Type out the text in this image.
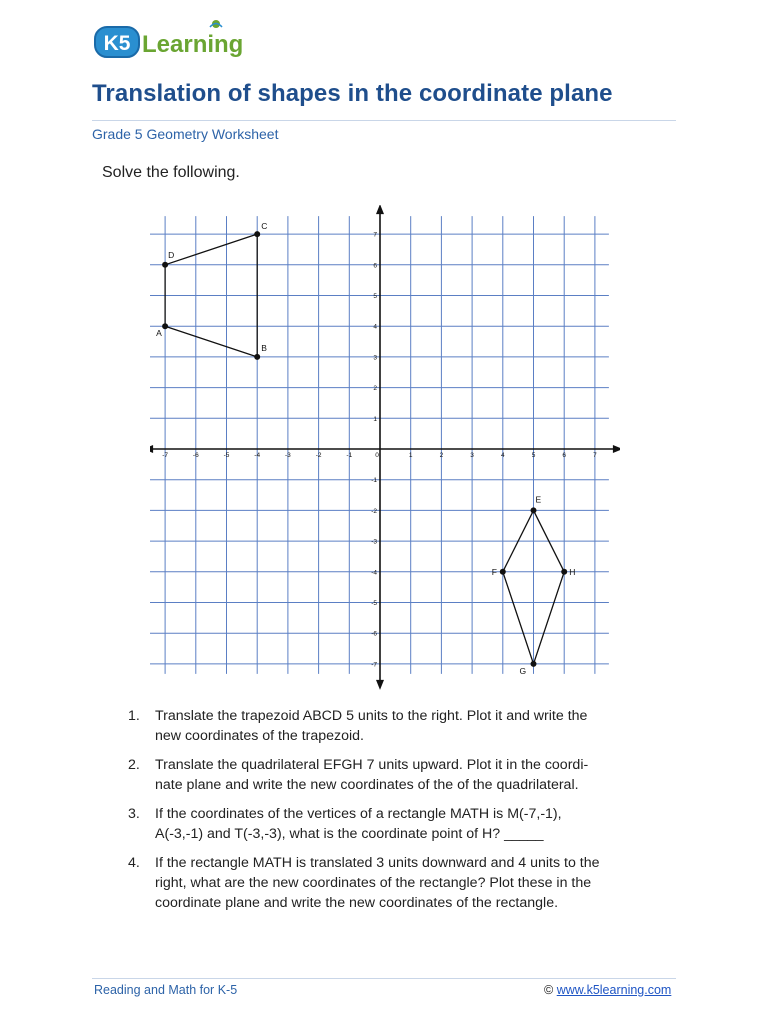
K5 Learning
Translation of shapes in the coordinate plane
Grade 5 Geometry Worksheet
Solve the following.
-7	-6	-5	-4	-3	-2	-1	0	1	2	3	4	5	6	7
7
6
5
4
3
2
1
-1
-2
-3
-4
-5
-6
-7
A
B
C
D
E
H
G
F
1.	Translate the trapezoid ABCD 5 units to the right. Plot it and write the
new coordinates of the trapezoid.
2.	Translate the quadrilateral EFGH 7 units upward. Plot it in the coordi-
nate plane and write the new coordinates of the of the quadrilateral.
3.	If the coordinates of the vertices of a rectangle MATH is M(-7,-1),
A(-3,-1) and T(-3,-3), what is the coordinate point of H? _____
4.	If the rectangle MATH is translated 3 units downward and 4 units to the
right, what are the new coordinates of the rectangle? Plot these in the
coordinate plane and write the new coordinates of the rectangle.
Reading and Math for K-5	© www.k5learning.com
